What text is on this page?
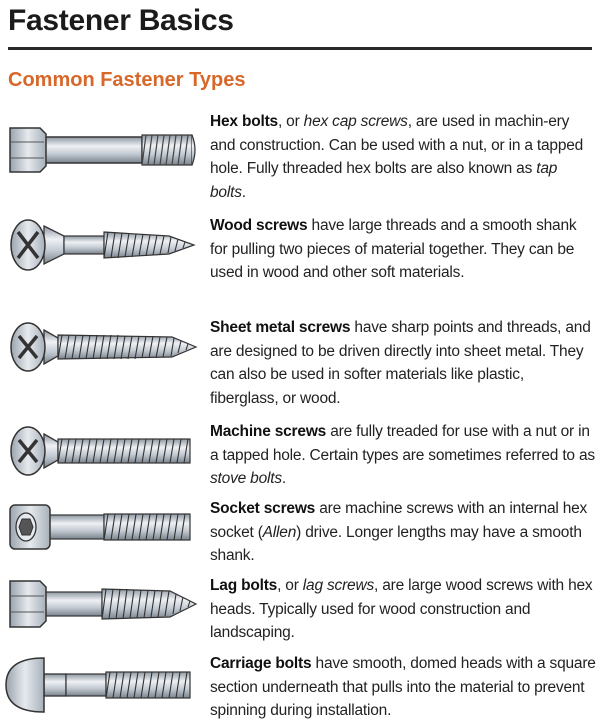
Fastener Basics
Common Fastener Types
Hex bolts, or hex cap screws, are used in machin-ery and construction. Can be used with a nut, or in a tapped hole. Fully threaded hex bolts are also known as tap bolts.
Wood screws have large threads and a smooth shank for pulling two pieces of material together. They can be used in wood and other soft materials.
Sheet metal screws have sharp points and threads, and are designed to be driven directly into sheet metal. They can also be used in softer materials like plastic, fiberglass, or wood.
Machine screws are fully treaded for use with a nut or in a tapped hole. Certain types are sometimes referred to as stove bolts.
Socket screws are machine screws with an internal hex socket (Allen) drive. Longer lengths may have a smooth shank.
Lag bolts, or lag screws, are large wood screws with hex heads. Typically used for wood construction and landscaping.
Carriage bolts have smooth, domed heads with a square section underneath that pulls into the material to prevent spinning during installation.
